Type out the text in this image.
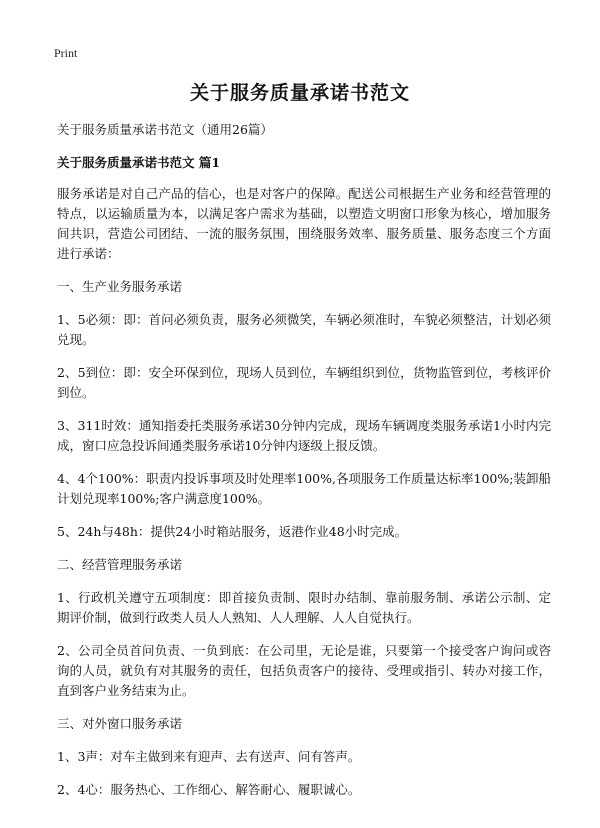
Print
关于服务质量承诺书范文

关于服务质量承诺书范文（通用26篇）

关于服务质量承诺书范文 篇1

服务承诺是对自己产品的信心，也是对客户的保障。配送公司根据生产业务和经营管理的特点，以运输质量为本，以满足客户需求为基础，以塑造文明窗口形象为核心，增加服务间共识，营造公司团结、一流的服务氛围，围绕服务效率、服务质量、服务态度三个方面进行承诺：

一、生产业务服务承诺

1、5必须：即：首问必须负责，服务必须微笑，车辆必须准时，车貌必须整洁，计划必须兑现。

2、5到位：即：安全环保到位，现场人员到位，车辆组织到位，货物监管到位，考核评价到位。

3、311时效：通知指委托类服务承诺30分钟内完成，现场车辆调度类服务承诺1小时内完成，窗口应急投诉间通类服务承诺10分钟内逐级上报反馈。

4、4个100%：职责内投诉事项及时处理率100%,各项服务工作质量达标率100%;装卸船计划兑现率100%;客户满意度100%。

5、24h与48h：提供24小时箱站服务，返港作业48小时完成。

二、经营管理服务承诺

1、行政机关遵守五项制度：即首接负责制、限时办结制、靠前服务制、承诺公示制、定期评价制，做到行政类人员人人熟知、人人理解、人人自觉执行。

2、公司全员首问负责、一负到底：在公司里，无论是谁，只要第一个接受客户询问或咨询的人员，就负有对其服务的责任，包括负责客户的接待、受理或指引、转办对接工作，直到客户业务结束为止。

三、对外窗口服务承诺

1、3声：对车主做到来有迎声、去有送声、问有答声。

2、4心：服务热心、工作细心、解答耐心、履职诚心。
